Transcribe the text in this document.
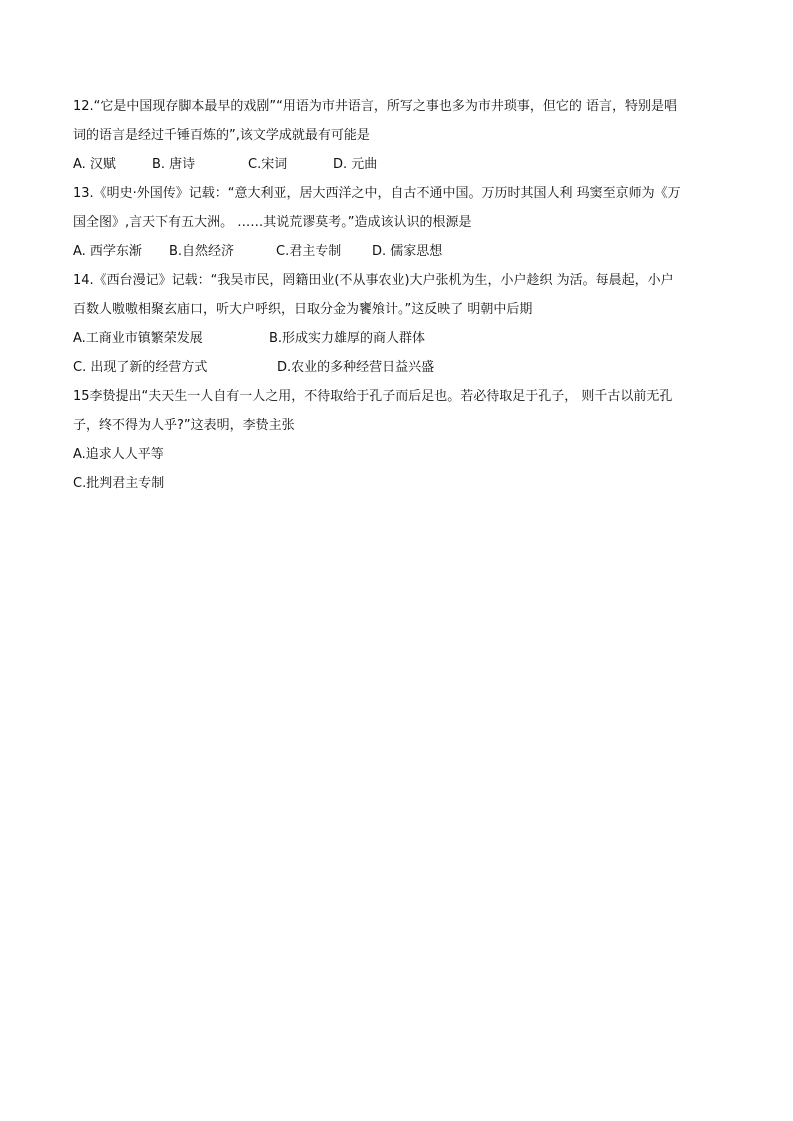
12.“它是中国现存脚本最早的戏剧”“用语为市井语言，所写之事也多为市井琐事，但它的 语言，特别是唱
词的语言是经过千锤百炼的”,该文学成就最有可能是
A. 汉赋	B. 唐诗	C.宋词	D. 元曲
13.《明史·外国传》记载：“意大利亚，居大西洋之中，自古不通中国。万历时其国人利 玛窦至京师为《万
国全图》,言天下有五大洲。 ……其说荒谬莫考。”造成该认识的根源是
A. 西学东渐 B.自然经济	C.君主专制 D. 儒家思想
14.《西台漫记》记载：“我吴市民，罔籍田业(不从事农业)大户张机为生，小户趁织 为活。每晨起，小户
百数人嗷嗷相聚玄庙口，听大户呼织，日取分金为饔飧计。”这反映了 明朝中后期
A.工商业市镇繁荣发展	B.形成实力雄厚的商人群体
C. 出现了新的经营方式	D.农业的多种经营日益兴盛
15李贽提出“夫天生一人自有一人之用，不待取给于孔子而后足也。若必待取足于孔子， 则千古以前无孔
子，终不得为人乎?”这表明，李贽主张
A.追求人人平等
C.批判君主专制
